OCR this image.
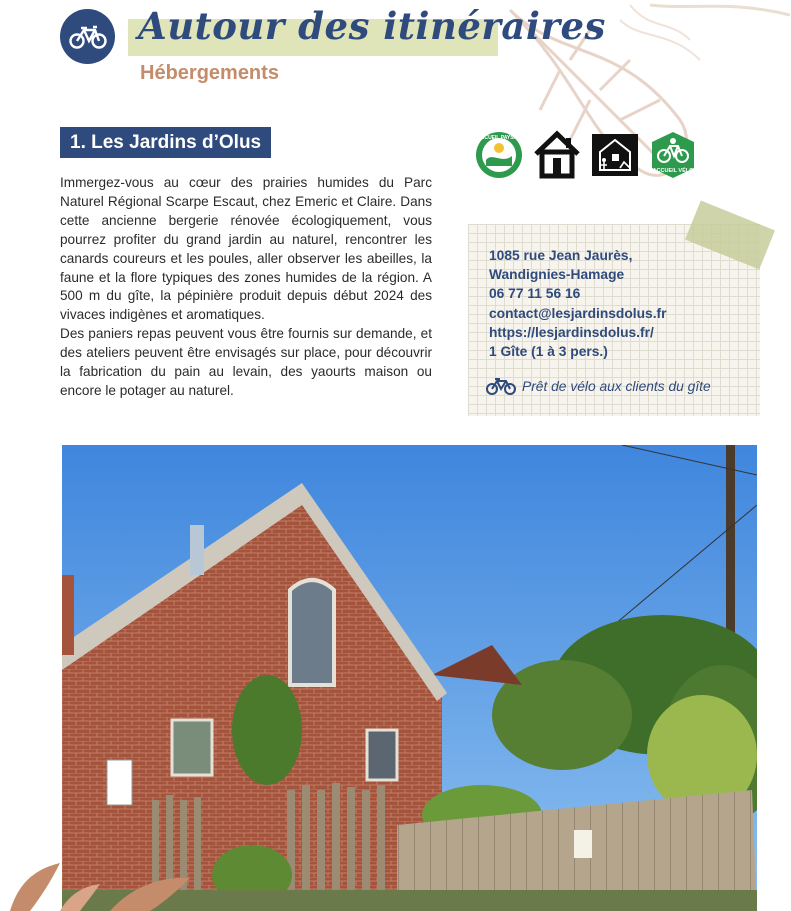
Autour des itinéraires
Hébergements
1. Les Jardins d’Olus	ACCUEIL PAYSAN
ACCUEIL VÉLO

Immergez-vous au cœur des prairies humides du Parc Naturel Régional Scarpe Escaut, chez Emeric et Claire. Dans cette ancienne bergerie rénovée écologiquement, vous pourrez profiter du grand jardin au naturel, rencontrer les canards coureurs et les poules, aller observer les abeilles, la faune et la flore typiques des zones humides de la région. A 500 m du gîte, la pépinière produit depuis début 2024 des vivaces indigènes et aromatiques.

Des paniers repas peuvent vous être fournis sur demande, et des ateliers peuvent être envisagés sur place, pour découvrir la fabrication du pain au levain, des yaourts maison ou encore le potager au naturel.

1085 rue Jean Jaurès,
Wandignies-Hamage
06 77 11 56 16
contact@lesjardinsdolus.fr
https://lesjardinsdolus.fr/
1 Gîte (1 à 3 pers.)
Prêt de vélo aux clients du gîte
